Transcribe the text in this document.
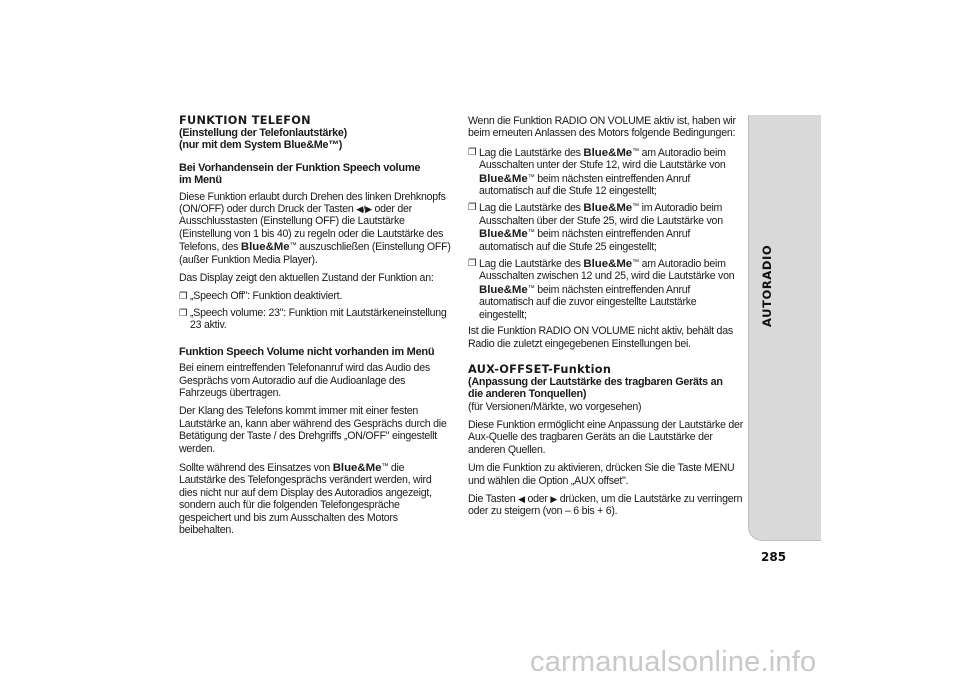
FUNKTION TELEFON
(Einstellung der Telefonlautstärke)
(nur mit dem System Blue&Me™)
Bei Vorhandensein der Funktion Speech volume
im Menü

Diese Funktion erlaubt durch Drehen des linken Drehknopfs (ON/OFF) oder durch Druck der Tasten ◀/▶ oder der Ausschlusstasten (Einstellung OFF) die Lautstärke (Einstellung von 1 bis 40) zu regeln oder die Lautstärke des Telefons, des Blue&Me™ auszuschließen (Einstellung OFF) (außer Funktion Media Player).

Das Display zeigt den aktuellen Zustand der Funktion an:

❐ „Speech Off": Funktion deaktiviert.
❐ „Speech volume: 23": Funktion mit Lautstärkeneinstellung 23 aktiv.
Funktion Speech Volume nicht vorhanden im Menü

Bei einem eintreffenden Telefonanruf wird das Audio des Gesprächs vom Autoradio auf die Audioanlage des Fahrzeugs übertragen.

Der Klang des Telefons kommt immer mit einer festen Lautstärke an, kann aber während des Gesprächs durch die Betätigung der Taste / des Drehgriffs „ON/OFF" eingestellt werden.

Sollte während des Einsatzes von Blue&Me™ die Lautstärke des Telefongesprächs verändert werden, wird dies nicht nur auf dem Display des Autoradios angezeigt, sondern auch für die folgenden Telefongespräche gespeichert und bis zum Ausschalten des Motors beibehalten.

Wenn die Funktion RADIO ON VOLUME aktiv ist, haben wir beim erneuten Anlassen des Motors folgende Bedingungen:

❐ Lag die Lautstärke des Blue&Me™ am Autoradio beim Ausschalten unter der Stufe 12, wird die Lautstärke von Blue&Me™ beim nächsten eintreffenden Anruf automatisch auf die Stufe 12 eingestellt;
❐ Lag die Lautstärke des Blue&Me™ im Autoradio beim Ausschalten über der Stufe 25, wird die Lautstärke von Blue&Me™ beim nächsten eintreffenden Anruf automatisch auf die Stufe 25 eingestellt;
❐ Lag die Lautstärke des Blue&Me™ am Autoradio beim Ausschalten zwischen 12 und 25, wird die Lautstärke von Blue&Me™ beim nächsten eintreffenden Anruf automatisch auf die zuvor eingestellte Lautstärke eingestellt;

Ist die Funktion RADIO ON VOLUME nicht aktiv, behält das Radio die zuletzt eingegebenen Einstellungen bei.

AUX-OFFSET-Funktion
(Anpassung der Lautstärke des tragbaren Geräts an
die anderen Tonquellen)

(für Versionen/Märkte, wo vorgesehen)

Diese Funktion ermöglicht eine Anpassung der Lautstärke der Aux-Quelle des tragbaren Geräts an die Lautstärke der anderen Quellen.

Um die Funktion zu aktivieren, drücken Sie die Taste MENU und wählen die Option „AUX offset".

Die Tasten ◀ oder ▶ drücken, um die Lautstärke zu verringern oder zu steigern (von – 6 bis + 6).

AUTORADIO
285
carmanualsonline.info
